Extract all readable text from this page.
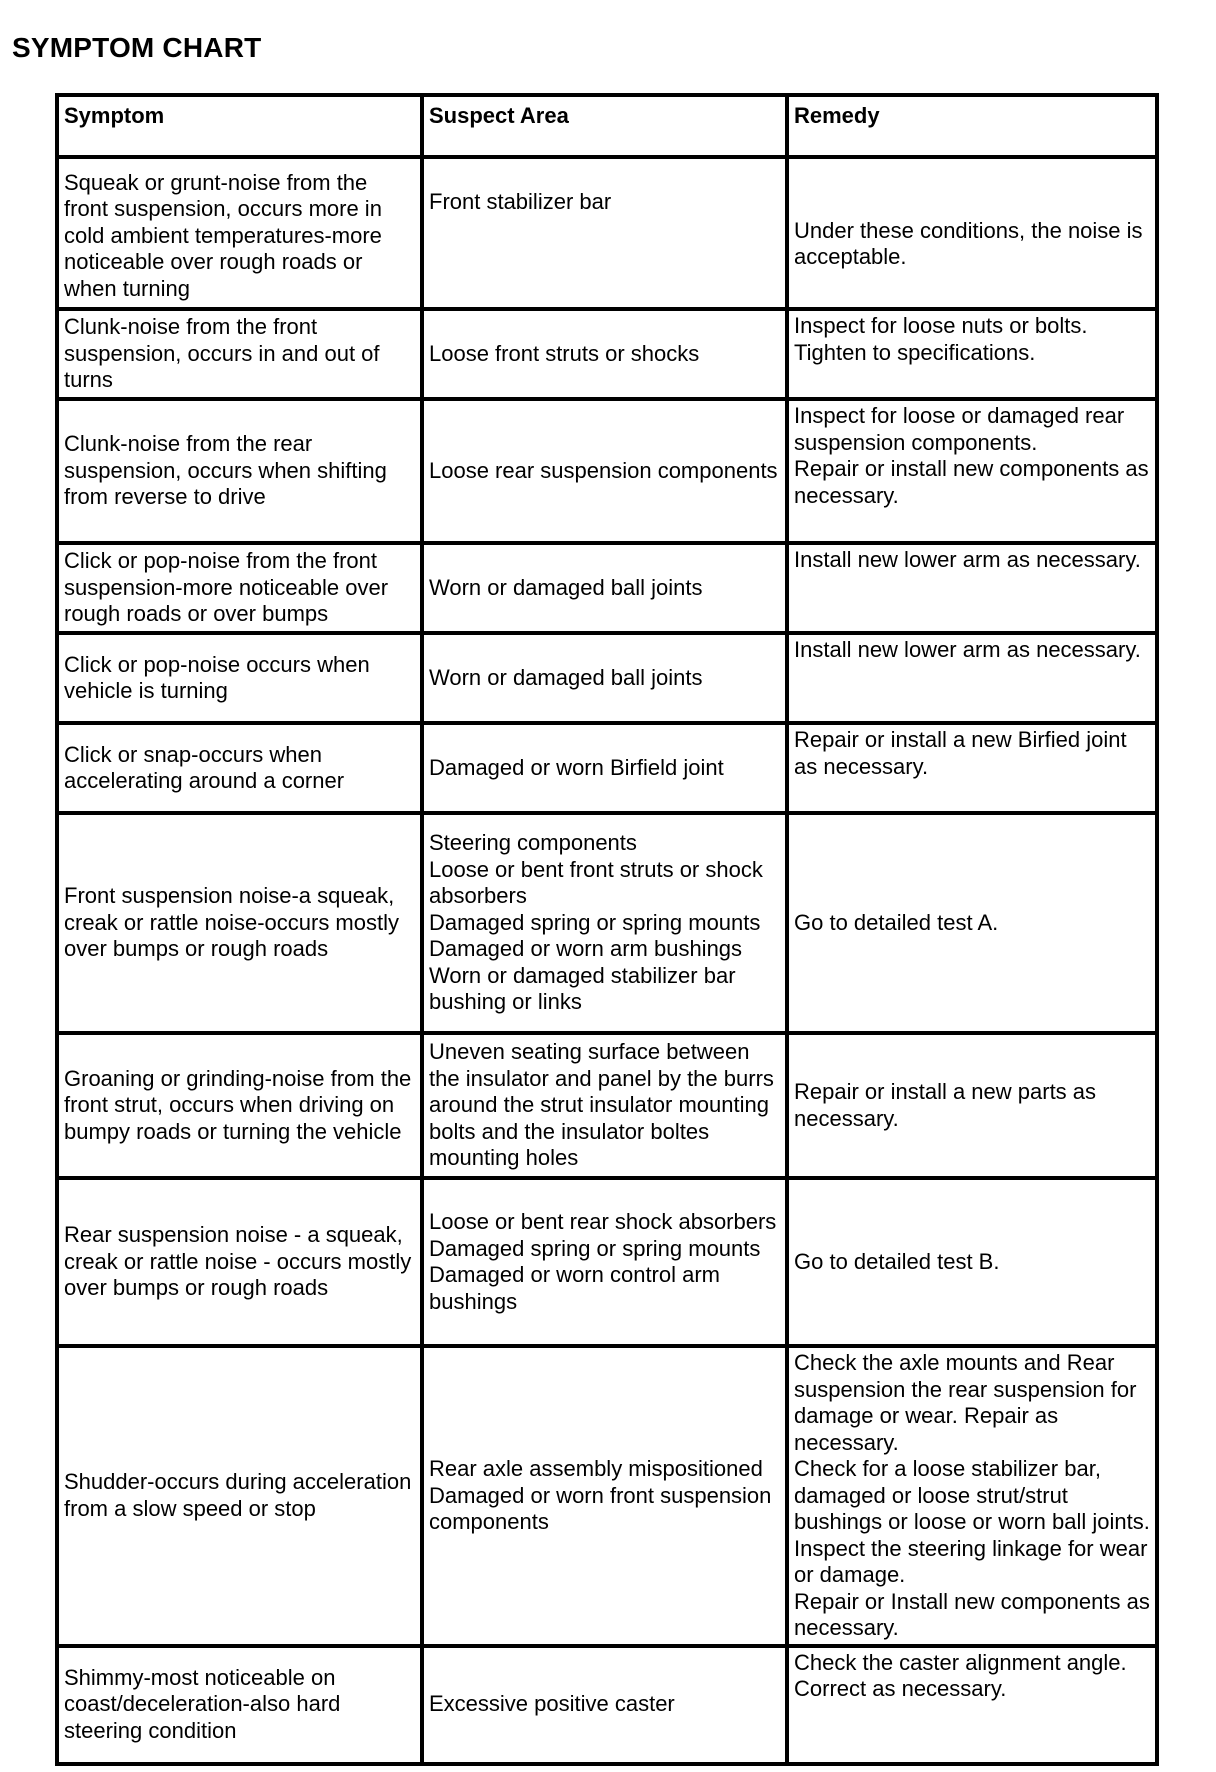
SYMPTOM CHART
Symptom	Suspect Area	Remedy

Squeak or grunt-noise from the front suspension, occurs more in cold ambient temperatures-more noticeable over rough roads or when turning	Front stabilizer bar	Under these conditions, the noise is acceptable.

Clunk-noise from the front suspension, occurs in and out of turns	Loose front struts or shocks	Inspect for loose nuts or bolts.
Tighten to specifications.

Clunk-noise from the rear suspension, occurs when shifting from reverse to drive	Loose rear suspension components	Inspect for loose or damaged rear suspension components.
Repair or install new components as necessary.

Click or pop-noise from the front suspension-more noticeable over rough roads or over bumps	Worn or damaged ball joints	Install new lower arm as necessary.

Click or pop-noise occurs when vehicle is turning	Worn or damaged ball joints	Install new lower arm as necessary.

Click or snap-occurs when accelerating around a corner	Damaged or worn Birfield joint	Repair or install a new Birfied joint as necessary.

Front suspension noise-a squeak, creak or rattle noise-occurs mostly over bumps or rough roads	Steering components
Loose or bent front struts or shock absorbers
Damaged spring or spring mounts
Damaged or worn arm bushings
Worn or damaged stabilizer bar bushing or links	Go to detailed test A.

Groaning or grinding-noise from the front strut, occurs when driving on bumpy roads or turning the vehicle	Uneven seating surface between the insulator and panel by the burrs around the strut insulator mounting bolts and the insulator boltes mounting holes	Repair or install a new parts as necessary.

Rear suspension noise - a squeak, creak or rattle noise - occurs mostly over bumps or rough roads	Loose or bent rear shock absorbers
Damaged spring or spring mounts
Damaged or worn control arm bushings	Go to detailed test B.

Shudder-occurs during acceleration from a slow speed or stop	Rear axle assembly mispositioned
Damaged or worn front suspension components	Check the axle mounts and Rear suspension the rear suspension for damage or wear. Repair as necessary.
Check for a loose stabilizer bar, damaged or loose strut/strut bushings or loose or worn ball joints. Inspect the steering linkage for wear or damage.
Repair or Install new components as necessary.

Shimmy-most noticeable on coast/deceleration-also hard steering condition	Excessive positive caster	Check the caster alignment angle.
Correct as necessary.
